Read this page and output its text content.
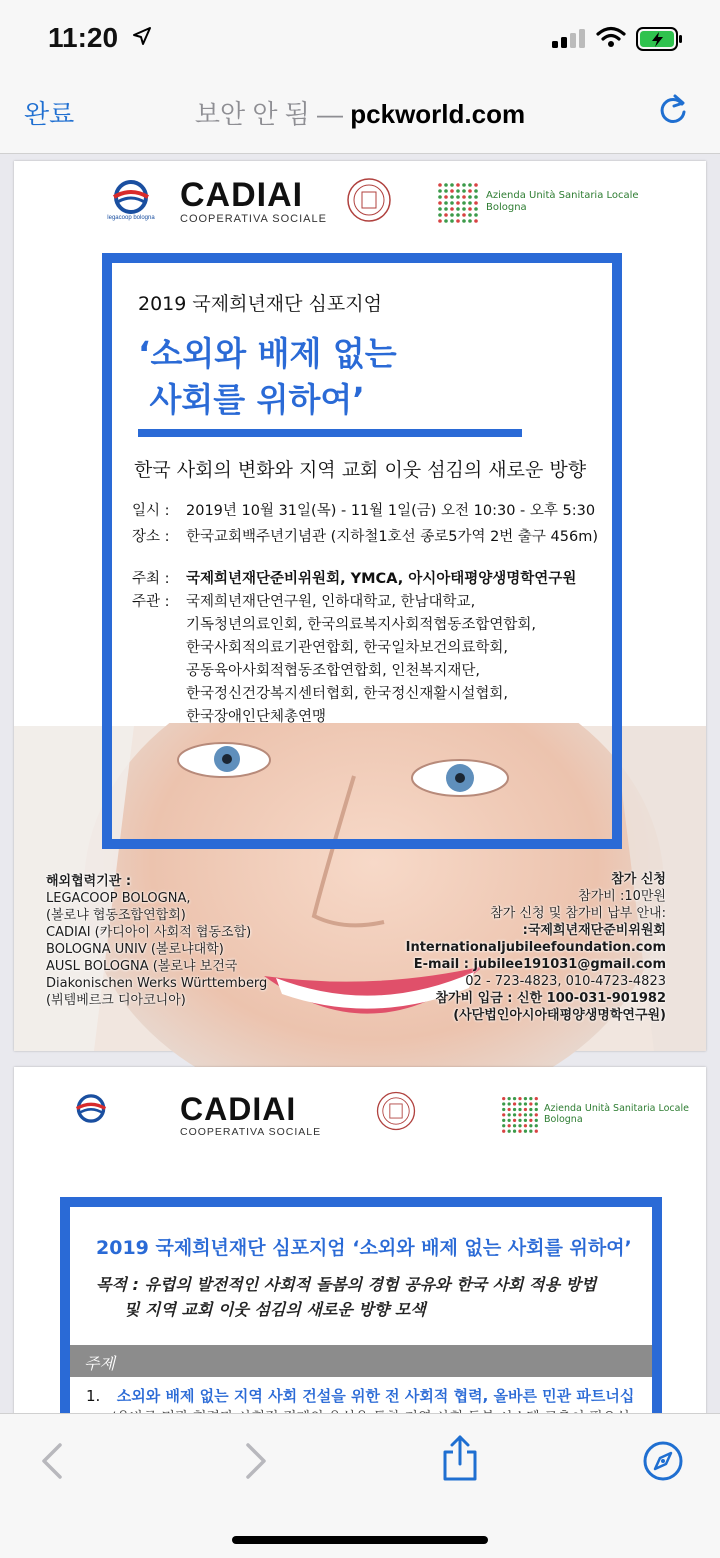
11:20
완료	보안 안 됨 — pckworld.com
legacoop bologna
CADIAI
COOPERATIVA SOCIALE
Azienda Unità Sanitaria Locale
Bologna
2019 국제희년재단 심포지엄
‘소외와 배제 없는
사회를 위하여’
한국 사회의 변화와 지역 교회 이웃 섬김의 새로운 방향
일시 : 2019년 10월 31일(목) - 11월 1일(금) 오전 10:30 - 오후 5:30
장소 : 한국교회백주년기념관 (지하철1호선 종로5가역 2번 출구 456m)
주최 : 국제희년재단준비위원회, YMCA, 아시아태평양생명학연구원
주관 :	국제희년재단연구원, 인하대학교, 한남대학교,
기독청년의료인회, 한국의료복지사회적협동조합연합회,
한국사회적의료기관연합회, 한국일차보건의료학회,
공동육아사회적협동조합연합회, 인천복지재단,
한국정신건강복지센터협회, 한국정신재활시설협회,
한국장애인단체총연맹
해외협력기관 :
LEGACOOP BOLOGNA,
(볼로냐 협동조합연합회)
CADIAI (카디아이 사회적 협동조합)
BOLOGNA UNIV (볼로냐대학)
AUSL BOLOGNA (볼로냐 보건국
Diakonischen Werks Württemberg
(뷔템베르크 디아코니아)
참가 신청
참가비 :10만원
참가 신청 및 참가비 납부 안내:
:국제희년재단준비위원회
Internationaljubileefoundation.com
E-mail : jubilee191031@gmail.com
02 - 723-4823, 010-4723-4823
참가비 입금 : 신한 100-031-901982
(사단법인아시아태평양생명학연구원)
CADIAI
COOPERATIVA SOCIALE
Azienda Unità Sanitaria Locale
Bologna
2019 국제희년재단 심포지엄 ‘소외와 배제 없는 사회를 위하여’
목적 : 유럽의 발전적인 사회적 돌봄의 경험 공유와 한국 사회 적용 방법
및 지역 교회 이웃 섬김의 새로운 방향 모색
주제
1. 소외와 배제 없는 지역 사회 건설을 위한 전 사회적 협력, 올바른 민관 파트너십
